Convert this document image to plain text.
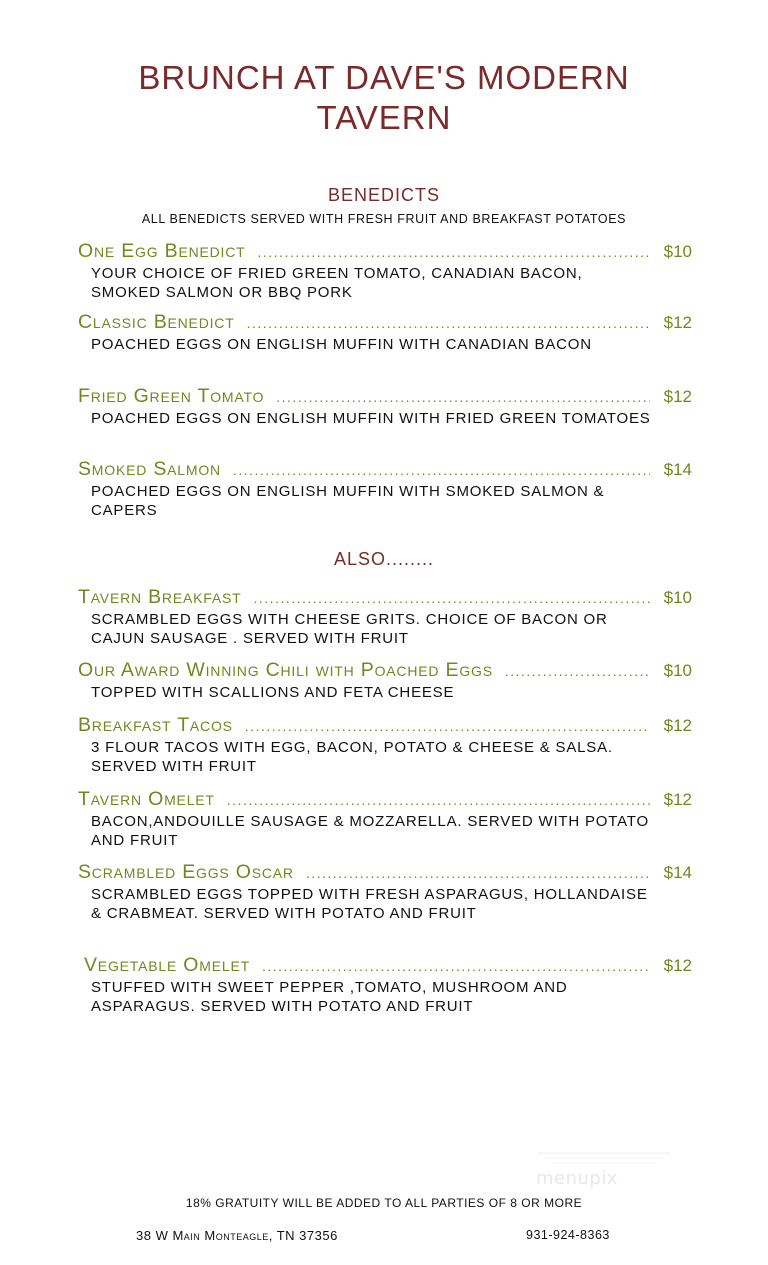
BRUNCH AT DAVE'S MODERN
TAVERN
BENEDICTS
ALL BENEDICTS SERVED WITH FRESH FRUIT AND BREAKFAST POTATOES
One Egg Benedict .....	$10
YOUR CHOICE OF FRIED GREEN TOMATO, CANADIAN BACON, SMOKED SALMON OR BBQ PORK
Classic Benedict .....	$12
POACHED EGGS ON ENGLISH MUFFIN WITH CANADIAN BACON
Fried Green Tomato .....	$12
POACHED EGGS ON ENGLISH MUFFIN WITH FRIED GREEN TOMATOES
Smoked Salmon .....	$14
POACHED EGGS ON ENGLISH MUFFIN WITH SMOKED SALMON & CAPERS
ALSO........
Tavern Breakfast .....	$10
SCRAMBLED EGGS WITH CHEESE GRITS. CHOICE OF BACON OR CAJUN SAUSAGE . SERVED WITH FRUIT
Our Award Winning Chili with Poached Eggs .....	$10
TOPPED WITH SCALLIONS AND FETA CHEESE
Breakfast Tacos .....	$12
3 FLOUR TACOS WITH EGG, BACON, POTATO & CHEESE & SALSA. SERVED WITH FRUIT
Tavern Omelet .....	$12
BACON,ANDOUILLE SAUSAGE & MOZZARELLA. SERVED WITH POTATO AND FRUIT
Scrambled Eggs Oscar .....	$14
SCRAMBLED EGGS TOPPED WITH FRESH ASPARAGUS, HOLLANDAISE & CRABMEAT. SERVED WITH POTATO AND FRUIT
Vegetable Omelet .....	$12
STUFFED WITH SWEET PEPPER ,TOMATO, MUSHROOM AND ASPARAGUS. SERVED WITH POTATO AND FRUIT
menupix
18% GRATUITY WILL BE ADDED TO ALL PARTIES OF 8 OR MORE
38 W Main Monteagle, TN 37356	931-924-8363
